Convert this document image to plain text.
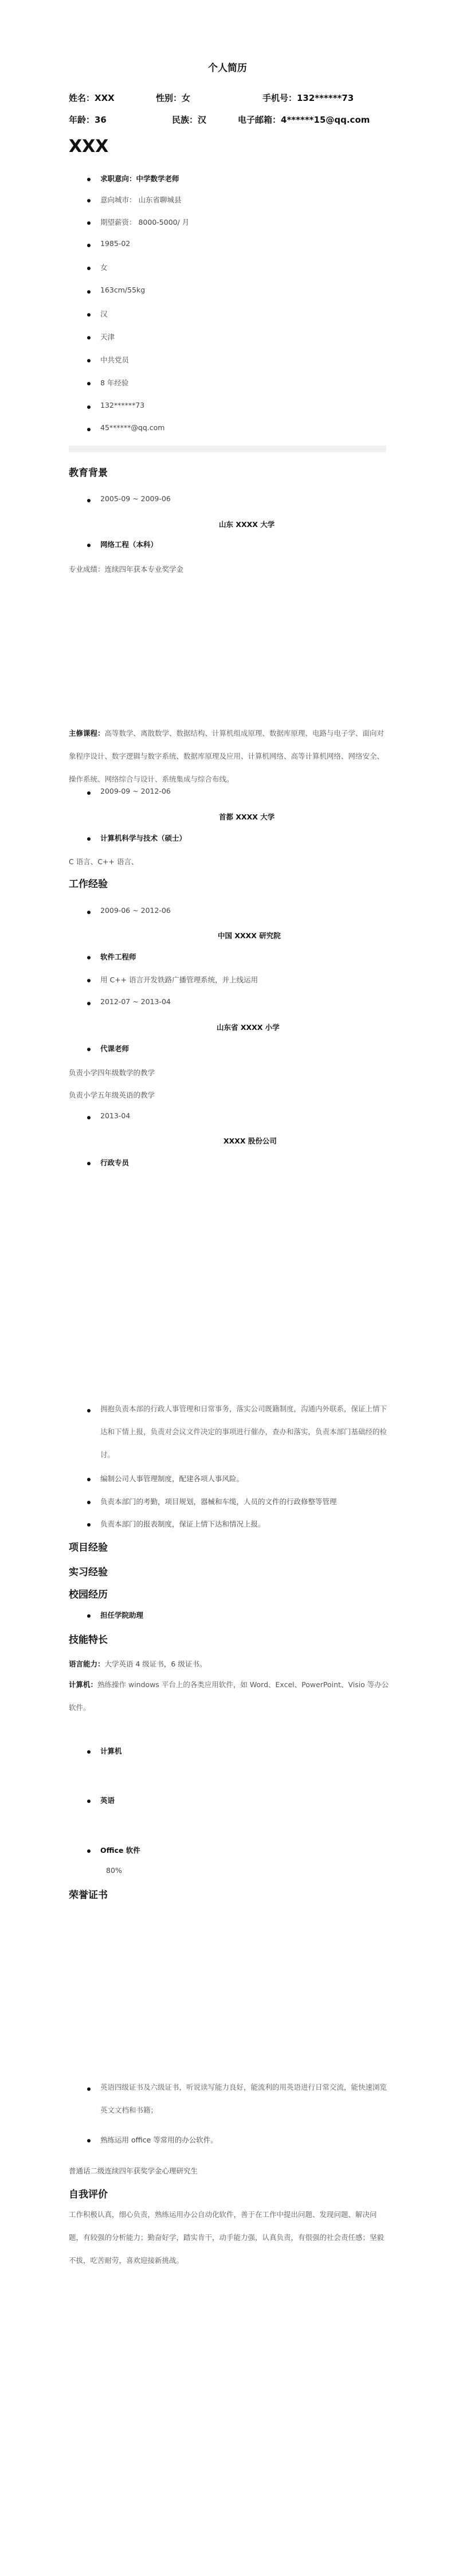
个人简历
姓名：XXX	性别：女	手机号：132******73
年龄：36	民族：汉	电子邮箱：4******15@qq.com
XXX
求职意向：中学数学老师
意向城市： 山东省聊城县
期望薪资： 8000-5000/ 月
1985-02
女
163cm/55kg
汉
天津
中共党员
8 年经验
132******73
45******@qq.com
教育背景
2005-09 ~ 2009-06
山东 XXXX 大学
网络工程（本科）
专业成绩：连续四年获本专业奖学金
主修课程：高等数学、离散数学、数据结构、计算机组成原理、数据库原理、电路与电子学、面向对象程序设计、数字逻辑与数字系统、数据库原理及应用、计算机网络、高等计算机网络、网络安全、操作系统、网络综合与设计、系统集成与综合布线。
2009-09 ~ 2012-06
首都 XXXX 大学
计算机科学与技术（硕士）
C 语言、C++ 语言、
工作经验
2009-06 ~ 2012-06
中国 XXXX 研究院
软件工程师
用 C++ 语言开发铁路广播管理系统，并上线运用
2012-07 ~ 2013-04
山东省 XXXX 小学
代课老师
负责小学四年级数学的教学
负责小学五年级英语的教学
2013-04
XXXX 股份公司
行政专员
拥抱负责本部的行政人事管理和日常事务，落实公司既籍制度，沟通内外联系，保证上情下达和下情上报，负责对会议文件决定的事项进行催办，查办和落实，负责本部门基础经的检讨。
编制公司人事管理制度，配建各项人事风险。
负责本部门的考勤，项目规划，器械和车缆，人员的文件的行政修整等管理
负责本部门的报表制度，保证上情下达和情况上报。
项目经验
实习经验
校园经历
担任学院助理
技能特长
语言能力：大学英语 4 级证书，6 级证书。
计算机：熟练操作 windows 平台上的各类应用软件，如 Word、Excel、PowerPoint、Visio 等办公软件。
计算机
英语
Office 软件
80%
荣誉证书
英语四级证书及六级证书，听说读写能力良好，能流利的用英语进行日常交流，能快速浏览英文文档和书籍；
熟练运用 office 等常用的办公软件。
普通话二级连续四年获奖学金心理研究生
自我评价
工作积极认真，细心负责，熟练运用办公自动化软件，善于在工作中提出问题、发现问题、解决问题，有较强的分析能力；勤奋好学，踏实肯干，动手能力强，认真负责，有很强的社会责任感；坚毅不拔，吃苦耐劳，喜欢迎接新挑战。
